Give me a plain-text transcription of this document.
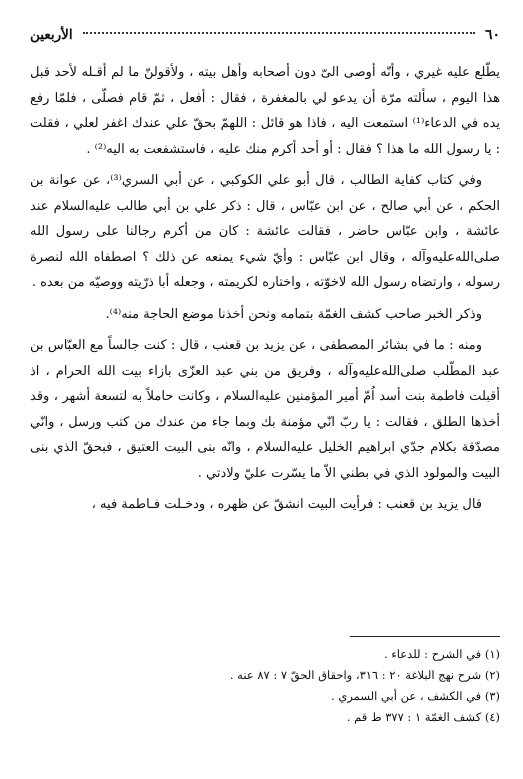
٦٠
الأربعين

يطّلع عليه غيري ، وأنّه أوصى الىّ دون أصحابه وأهل بيته ، ولأقولنّ ما لم أقـله لأحد قبل هذا اليوم ، سألته مرّة أن يدعو لي بالمغفرة ، فقال : أفعل ، ثمّ قام فصلّى ، فلمّا رفع يده في الدعاء⁽¹⁾ استمعت اليه ، فاذا هو قائل : اللهمّ بحقّ علي عندك اغفر لعلي ، فقلت : يا رسول الله ما هذا ؟ فقال : أو أحد أكرم منك عليه ، فاستشفعت به اليه⁽²⁾ .

وفي كتاب كفاية الطالب ، قال أبو علي الكوكبي ، عن أبي السري⁽³⁾، عن عوانة بن الحكم ، عن أبي صالح ، عن ابن عبّاس ، قال : ذكر علي بن أبي طالب عليه‌السلام عند عائشة ، وابن عبّاس حاضر ، فقالت عائشة : كان من أكرم رجالنا على رسول الله صلى‌الله‌عليه‌وآله ، وقال ابن عبّاس : وأيّ شيء يمنعه عن ذلك ؟ اصطفاه الله لنصرة رسوله ، وارتضاه رسول الله لاخوّته ، واختاره لكريمته ، وجعله أبا ذرّيته ووصيّه من بعده .

وذكر الخبر صاحب كشف الغمّة بتمامه ونحن أخذنا موضع الحاجة منه⁽⁴⁾.

ومنه : ما في بشائر المصطفى ، عن يزيد بن قعنب ، قال : كنت جالساً مع العبّاس بن عبد المطّلب صلى‌الله‌عليه‌وآله ، وفريق من بني عبد العزّى بازاء بيت الله الحرام ، اذ أقبلت فاطمة بنت أسد اُمّ أمير المؤمنين عليه‌السلام ، وكانت حاملاً به لتسعة أشهر ، وقد أخذها الطلق ، فقالت : يا ربّ انّي مؤمنة بك وبما جاء من عندك من كتب ورسل ، وانّي مصدّقة بكلام جدّي ابراهيم الخليل عليه‌السلام ، وانّه بنى البيت العتيق ، فبحقّ الذي بنى البيت والمولود الذي في بطني الاّ ما يسّرت عليّ ولادتي .

قال يزيد بن قعنب : فرأيت البيت انشقّ عن ظهره ، ودخـلت فـاطمة فيه ،

(١) في الشرح : للدعاء .

(٢) شرح نهج البلاغة ٢٠ : ٣١٦، واحقاق الحقّ ٧ : ٨٧ عنه .

(٣) في الكشف ، عن أبي السمري .

(٤) كشف الغمّة ١ : ٣٧٧ ط قم .
